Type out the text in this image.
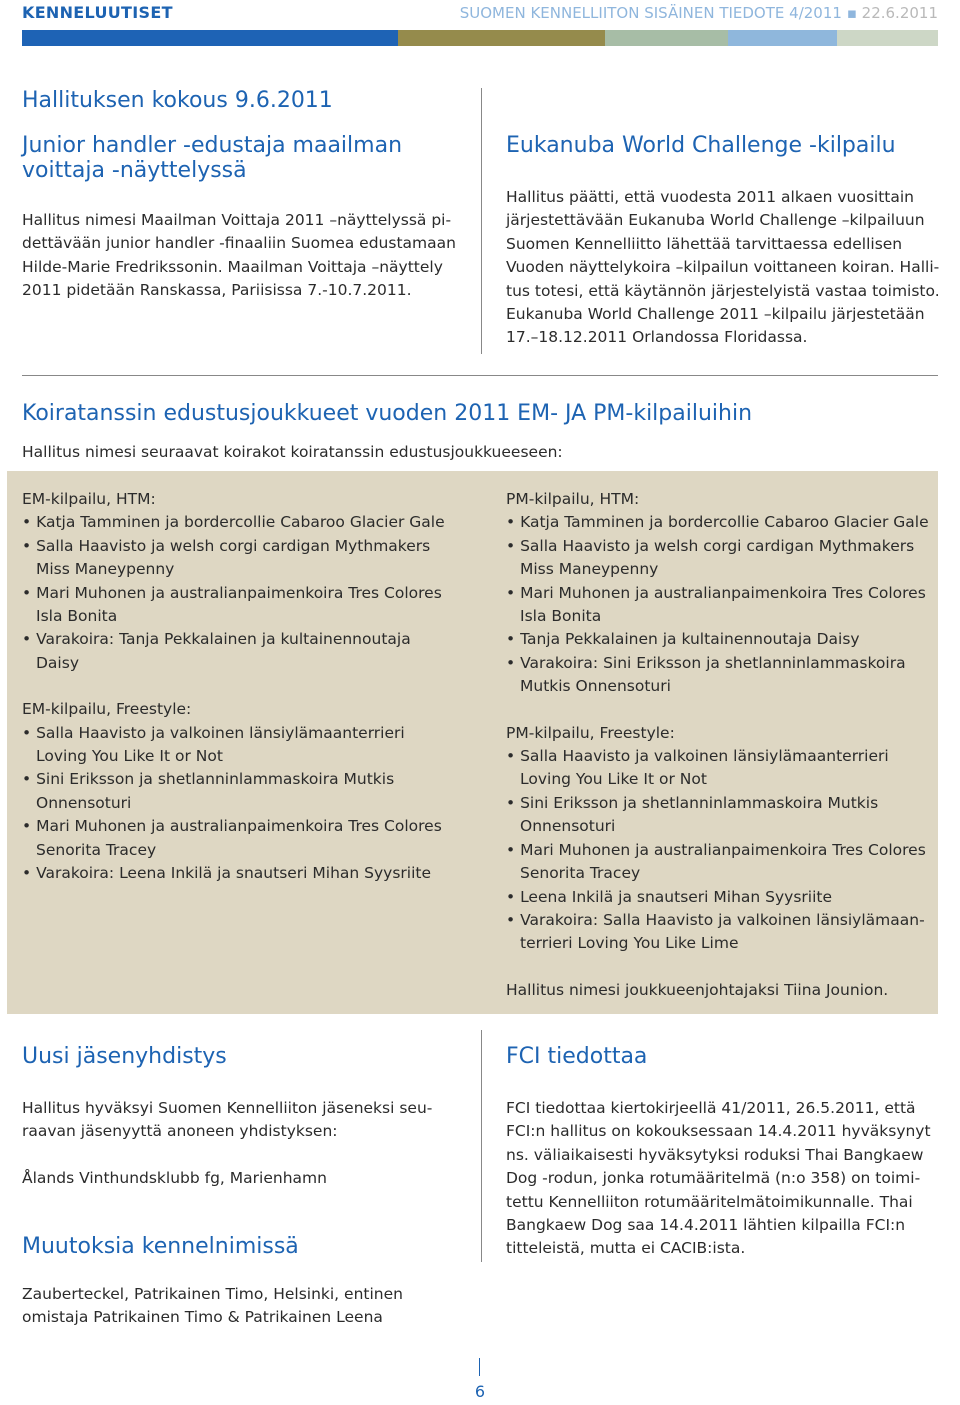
KENNELUUTISET	SUOMEN KENNELLIITON SISÄINEN TIEDOTE 4/2011 ▪ 22.6.2011
Hallituksen kokous 9.6.2011
Junior handler -edustaja maailman
voittaja -näyttelyssä
Hallitus nimesi Maailman Voittaja 2011 –näyttelyssä pi-
dettävään junior handler -finaaliin Suomea edustamaan
Hilde-Marie Fredrikssonin. Maailman Voittaja –näyttely
2011 pidetään Ranskassa, Pariisissa 7.-10.7.2011.
Eukanuba World Challenge -kilpailu
Hallitus päätti, että vuodesta 2011 alkaen vuosittain
järjestettävään Eukanuba World Challenge –kilpailuun
Suomen Kennelliitto lähettää tarvittaessa edellisen
Vuoden näyttelykoira –kilpailun voittaneen koiran. Halli-
tus totesi, että käytännön järjestelyistä vastaa toimisto.
Eukanuba World Challenge 2011 –kilpailu järjestetään
17.–18.12.2011 Orlandossa Floridassa.
Koiratanssin edustusjoukkueet vuoden 2011 EM- JA PM-kilpailuihin
Hallitus nimesi seuraavat koirakot koiratanssin edustusjoukkueeseen:
EM-kilpailu, HTM:
• Katja Tamminen ja bordercollie Cabaroo Glacier Gale
• Salla Haavisto ja welsh corgi cardigan Mythmakers
Miss Maneypenny
• Mari Muhonen ja australianpaimenkoira Tres Colores
Isla Bonita
• Varakoira: Tanja Pekkalainen ja kultainennoutaja
Daisy
EM-kilpailu, Freestyle:
• Salla Haavisto ja valkoinen länsiylämaanterrieri
Loving You Like It or Not
• Sini Eriksson ja shetlanninlammaskoira Mutkis
Onnensoturi
• Mari Muhonen ja australianpaimenkoira Tres Colores
Senorita Tracey
• Varakoira: Leena Inkilä ja snautseri Mihan Syysriite
PM-kilpailu, HTM:
• Katja Tamminen ja bordercollie Cabaroo Glacier Gale
• Salla Haavisto ja welsh corgi cardigan Mythmakers
Miss Maneypenny
• Mari Muhonen ja australianpaimenkoira Tres Colores
Isla Bonita
• Tanja Pekkalainen ja kultainennoutaja Daisy
• Varakoira: Sini Eriksson ja shetlanninlammaskoira
Mutkis Onnensoturi
PM-kilpailu, Freestyle:
• Salla Haavisto ja valkoinen länsiylämaanterrieri
Loving You Like It or Not
• Sini Eriksson ja shetlanninlammaskoira Mutkis
Onnensoturi
• Mari Muhonen ja australianpaimenkoira Tres Colores
Senorita Tracey
• Leena Inkilä ja snautseri Mihan Syysriite
• Varakoira: Salla Haavisto ja valkoinen länsiylämaan-
terrieri Loving You Like Lime
Hallitus nimesi joukkueenjohtajaksi Tiina Jounion.
Uusi jäsenyhdistys
Hallitus hyväksyi Suomen Kennelliiton jäseneksi seu-
raavan jäsenyyttä anoneen yhdistyksen:
Ålands Vinthundsklubb fg, Marienhamn
Muutoksia kennelnimissä
Zauberteckel, Patrikainen Timo, Helsinki, entinen
omistaja Patrikainen Timo & Patrikainen Leena
FCI tiedottaa
FCI tiedottaa kiertokirjeellä 41/2011, 26.5.2011, että
FCI:n hallitus on kokouksessaan 14.4.2011 hyväksynyt
ns. väliaikaisesti hyväksytyksi roduksi Thai Bangkaew
Dog -rodun, jonka rotumääritelmä (n:o 358) on toimi-
tettu Kennelliiton rotumääritelmätoimikunnalle. Thai
Bangkaew Dog saa 14.4.2011 lähtien kilpailla FCI:n
titteleistä, mutta ei CACIB:ista.
6
